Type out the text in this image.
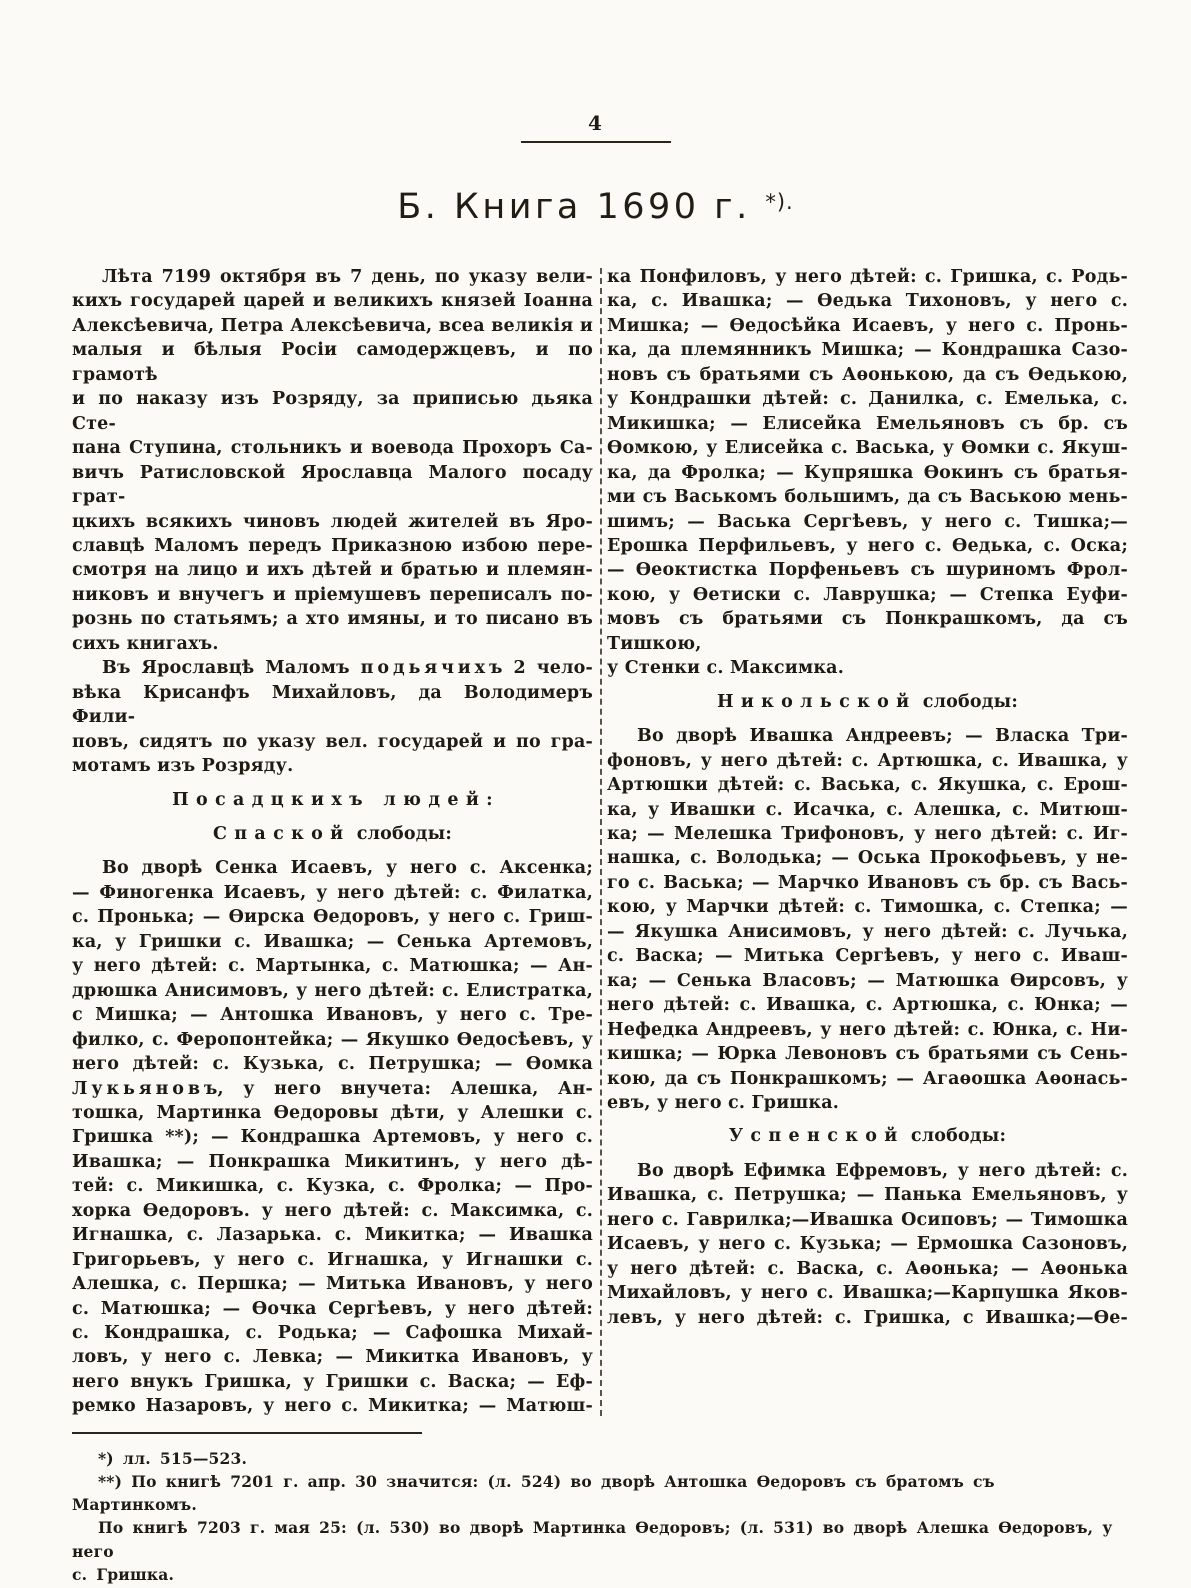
4
Б. Книга 1690 г. *).
Лѣта 7199 октября въ 7 день, по указу вели-
кихъ государей царей и великихъ князей Іоанна
Алексѣевича, Петра Алексѣевича, всеа великія и
малыя и бѣлыя Росіи самодержцевъ, и по грамотѣ
и по наказу изъ Розряду, за приписью дьяка Сте-
пана Ступина, стольникъ и воевода Прохоръ Са-
вичъ Ратисловской Ярославца Малого посаду грат-
цкихъ всякихъ чиновъ людей жителей въ Яро-
славцѣ Маломъ передъ Приказною избою пере-
смотря на лицо и ихъ дѣтей и братью и племян-
никовъ и внучегъ и пріемушевъ переписалъ по-
рознь по статьямъ; а хто имяны, и то писано въ
сихъ книгахъ.
Въ Ярославцѣ Маломъ п о д ь я ч и х ъ 2 чело-
вѣка Крисанфъ Михайловъ, да Володимеръ Фили-
повъ, сидятъ по указу вел. государей и по гра-
мотамъ изъ Розряду.
Посадцкихъ людей:
Спаской слободы:
Во дворѣ Сенка Исаевъ, у него с. Аксенка;
— Финогенка Исаевъ, у него дѣтей: с. Филатка,
с. Пронька; — Ѳирска Ѳедоровъ, у него с. Гриш-
ка, у Гришки с. Ивашка; — Сенька Артемовъ,
у него дѣтей: с. Мартынка, с. Матюшка; — Ан-
дрюшка Анисимовъ, у него дѣтей: с. Елистратка,
с Мишка; — Антошка Ивановъ, у него с. Тре-
филко, с. Феропонтейка; — Якушко Ѳедосѣевъ, у
него дѣтей: с. Кузька, с. Петрушка; — Ѳомка
Л у к ь я н о в ъ, у него внучета: Алешка, Ан-
тошка, Мартинка Ѳедоровы дѣти, у Алешки с.
Гришка **); — Кондрашка Артемовъ, у него с.
Ивашка; — Понкрашка Микитинъ, у него дѣ-
тей: с. Микишка, с. Кузка, с. Фролка; — Про-
хорка Ѳедоровъ. у него дѣтей: с. Максимка, с.
Игнашка, с. Лазарька. с. Микитка; — Ивашка
Григорьевъ, у него с. Игнашка, у Игнашки с.
Алешка, с. Першка; — Митька Ивановъ, у него
с. Матюшка; — Ѳочка Сергѣевъ, у него дѣтей:
с. Кондрашка, с. Родька; — Сафошка Михай-
ловъ, у него с. Левка; — Микитка Ивановъ, у
него внукъ Гришка, у Гришки с. Васка; — Еф-
ремко Назаровъ, у него с. Микитка; — Матюш-
ка Понфиловъ, у него дѣтей: с. Гришка, с. Родь-
ка, с. Ивашка; — Ѳедька Тихоновъ, у него с.
Мишка; — Ѳедосѣйка Исаевъ, у него с. Пронь-
ка, да племянникъ Мишка; — Кондрашка Сазо-
новъ съ братьями съ Аѳонькою, да съ Ѳедькою,
у Кондрашки дѣтей: с. Данилка, с. Емелька, с.
Микишка; — Елисейка Емельяновъ съ бр. съ
Ѳомкою, у Елисейка с. Васька, у Ѳомки с. Якуш-
ка, да Фролка; — Купряшка Ѳокинъ съ братья-
ми съ Васькомъ большимъ, да съ Ваською мень-
шимъ; — Васька Сергѣевъ, у него с. Тишка;—
Ерошка Перфильевъ, у него с. Ѳедька, с. Оска;
— Ѳеоктистка Порфеньевъ съ шуриномъ Фрол-
кою, у Ѳетиски с. Лаврушка; — Степка Еуфи-
мовъ съ братьями съ Понкрашкомъ, да съ Тишкою,
у Стенки с. Максимка.
Никольской слободы:
Во дворѣ Ивашка Андреевъ; — Власка Три-
фоновъ, у него дѣтей: с. Артюшка, с. Ивашка, у
Артюшки дѣтей: с. Васька, с. Якушка, с. Ерош-
ка, у Ивашки с. Исачка, с. Алешка, с. Митюш-
ка; — Мелешка Трифоновъ, у него дѣтей: с. Иг-
нашка, с. Володька; — Оська Прокофьевъ, у не-
го с. Васька; — Марчко Ивановъ съ бр. съ Вась-
кою, у Марчки дѣтей: с. Тимошка, с. Степка; —
— Якушка Анисимовъ, у него дѣтей: с. Лучька,
с. Васка; — Митька Сергѣевъ, у него с. Иваш-
ка; — Сенька Власовъ; — Матюшка Ѳирсовъ, у
него дѣтей: с. Ивашка, с. Артюшка, с. Юнка; —
Нефедка Андреевъ, у него дѣтей: с. Юнка, с. Ни-
кишка; — Юрка Левоновъ съ братьями съ Сень-
кою, да съ Понкрашкомъ; — Агаѳошка Аѳонась-
евъ, у него с. Гришка.
Успенской слободы:
Во дворѣ Ефимка Ефремовъ, у него дѣтей: с.
Ивашка, с. Петрушка; — Панька Емельяновъ, у
него с. Гаврилка;—Ивашка Осиповъ; — Тимошка
Исаевъ, у него с. Кузька; — Ермошка Сазоновъ,
у него дѣтей: с. Васка, с. Аѳонька; — Аѳонька
Михайловъ, у него с. Ивашка;—Карпушка Яков-
левъ, у него дѣтей: с. Гришка, с Ивашка;—Ѳе-
*) лл. 515—523.
**) По книгѣ 7201 г. апр. 30 значится: (л. 524) во дворѣ Антошка Ѳедоровъ съ братомъ съ Мартинкомъ.
По книгѣ 7203 г. мая 25: (л. 530) во дворѣ Мартинка Ѳедоровъ; (л. 531) во дворѣ Алешка Ѳедоровъ, у него
с. Гришка.
